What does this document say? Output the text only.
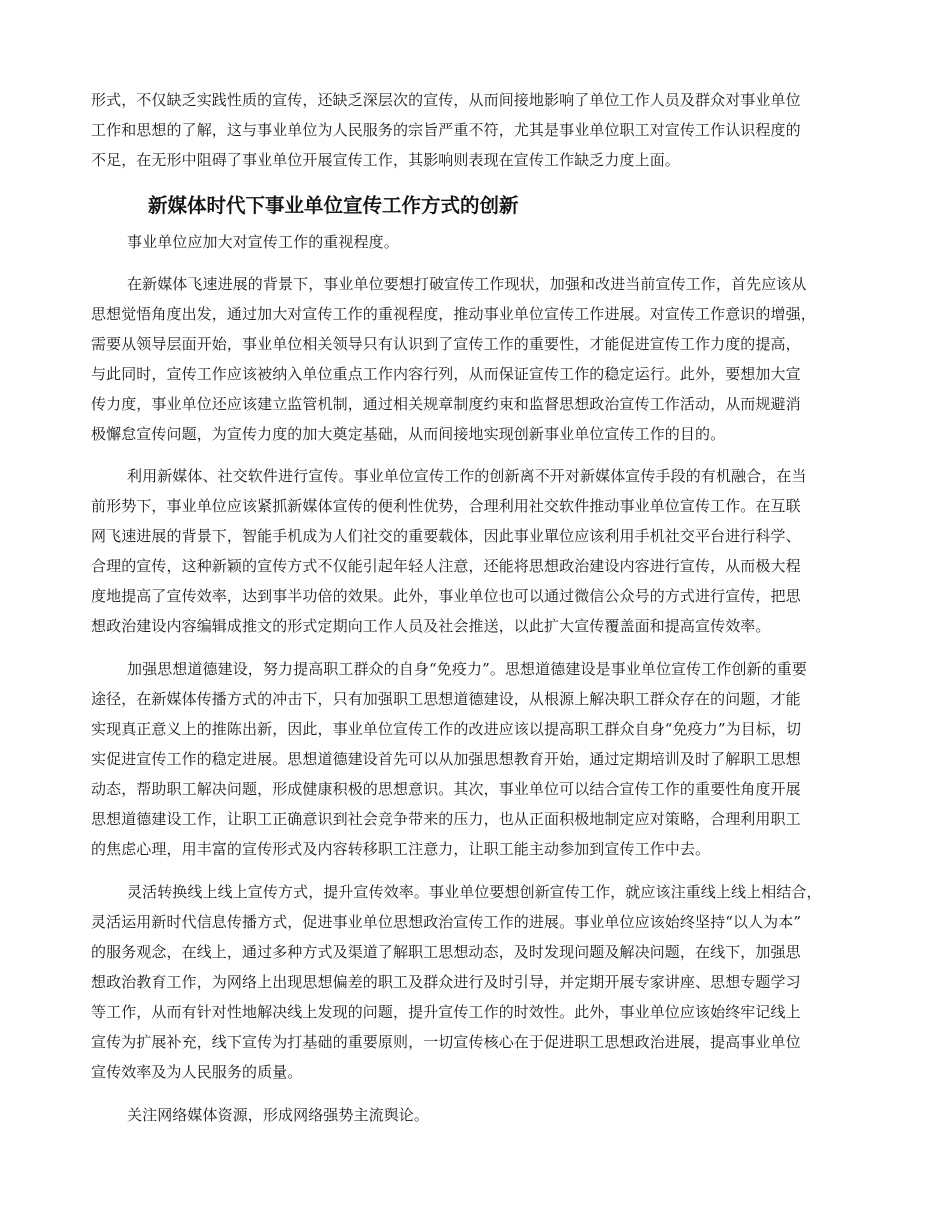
形式，不仅缺乏实践性质的宣传，还缺乏深层次的宣传，从而间接地影响了单位工作人员及群众对事业单位
工作和思想的了解，这与事业单位为人民服务的宗旨严重不符，尤其是事业单位职工对宣传工作认识程度的
不足，在无形中阻碍了事业单位开展宣传工作，其影响则表现在宣传工作缺乏力度上面。
新媒体时代下事业单位宣传工作方式的创新
事业单位应加大对宣传工作的重视程度。
在新媒体飞速进展的背景下，事业单位要想打破宣传工作现状，加强和改进当前宣传工作，首先应该从
思想觉悟角度出发，通过加大对宣传工作的重视程度，推动事业单位宣传工作进展。对宣传工作意识的增强，
需要从领导层面开始，事业单位相关领导只有认识到了宣传工作的重要性，才能促进宣传工作力度的提高，
与此同时，宣传工作应该被纳入单位重点工作内容行列，从而保证宣传工作的稳定运行。此外，要想加大宣
传力度，事业单位还应该建立监管机制，通过相关规章制度约束和监督思想政治宣传工作活动，从而规避消
极懈怠宣传问题，为宣传力度的加大奠定基础，从而间接地实现创新事业单位宣传工作的目的。
利用新媒体、社交软件进行宣传。事业单位宣传工作的创新离不开对新媒体宣传手段的有机融合，在当
前形势下，事业单位应该紧抓新媒体宣传的便利性优势，合理利用社交软件推动事业单位宣传工作。在互联
网飞速进展的背景下，智能手机成为人们社交的重要载体，因此事业單位应该利用手机社交平台进行科学、
合理的宣传，这种新颖的宣传方式不仅能引起年轻人注意，还能将思想政治建设内容进行宣传，从而极大程
度地提高了宣传效率，达到事半功倍的效果。此外，事业单位也可以通过微信公众号的方式进行宣传，把思
想政治建设内容编辑成推文的形式定期向工作人员及社会推送，以此扩大宣传覆盖面和提高宣传效率。
加强思想道德建设，努力提高职工群众的自身“免疫力”。思想道德建设是事业单位宣传工作创新的重要
途径，在新媒体传播方式的冲击下，只有加强职工思想道德建设，从根源上解决职工群众存在的问题，才能
实现真正意义上的推陈出新，因此，事业单位宣传工作的改进应该以提高职工群众自身“免疫力”为目标，切
实促进宣传工作的稳定进展。思想道德建设首先可以从加强思想教育开始，通过定期培训及时了解职工思想
动态，帮助职工解决问题，形成健康积极的思想意识。其次，事业单位可以结合宣传工作的重要性角度开展
思想道德建设工作，让职工正确意识到社会竞争带来的压力，也从正面积极地制定应对策略，合理利用职工
的焦虑心理，用丰富的宣传形式及内容转移职工注意力，让职工能主动参加到宣传工作中去。
灵活转换线上线上宣传方式，提升宣传效率。事业单位要想创新宣传工作，就应该注重线上线上相结合，
灵活运用新时代信息传播方式，促进事业单位思想政治宣传工作的进展。事业单位应该始终坚持“以人为本”
的服务观念，在线上，通过多种方式及渠道了解职工思想动态，及时发现问题及解决问题，在线下，加强思
想政治教育工作，为网络上出现思想偏差的职工及群众进行及时引导，并定期开展专家讲座、思想专题学习
等工作，从而有针对性地解决线上发现的问题，提升宣传工作的时效性。此外，事业单位应该始终牢记线上
宣传为扩展补充，线下宣传为打基础的重要原则，一切宣传核心在于促进职工思想政治进展，提高事业单位
宣传效率及为人民服务的质量。
关注网络媒体资源，形成网络强势主流舆论。
